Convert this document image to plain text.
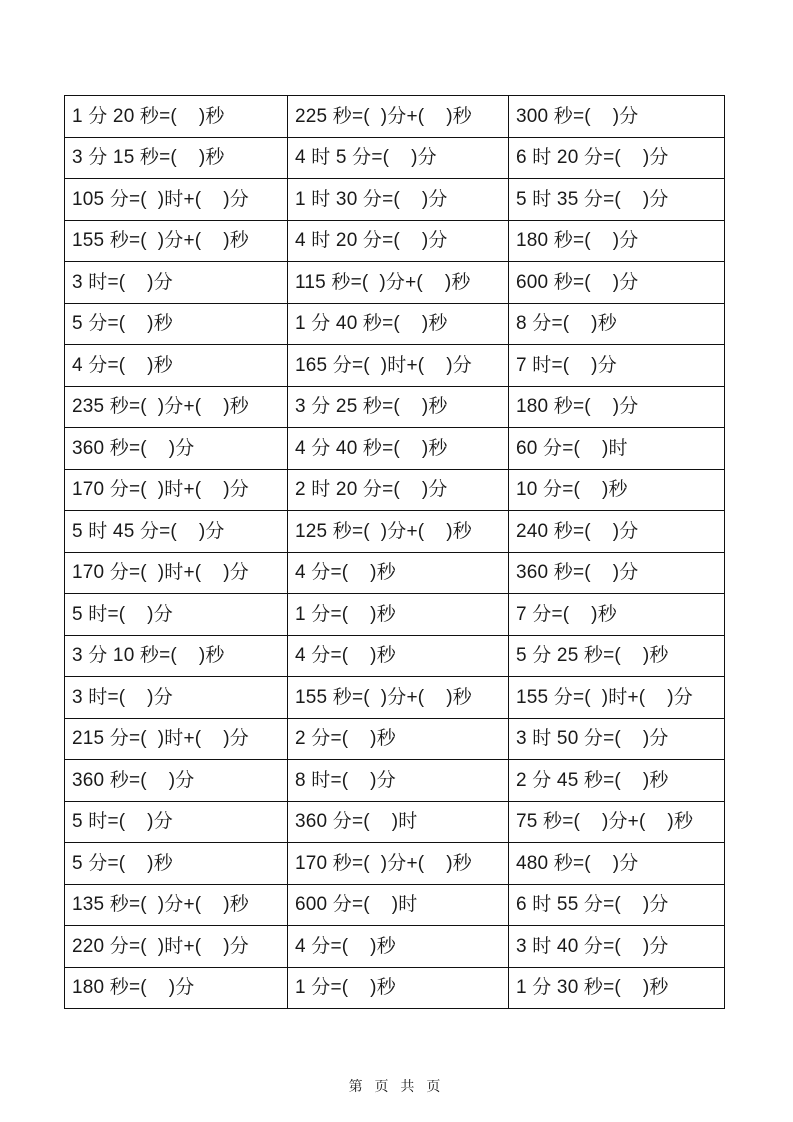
1 分 20 秒=(    )秒	225 秒=(  )分+(    )秒	300 秒=(    )分
3 分 15 秒=(    )秒	4 时 5 分=(    )分	6 时 20 分=(    )分
105 分=(  )时+(    )分	1 时 30 分=(    )分	5 时 35 分=(    )分
155 秒=(  )分+(    )秒	4 时 20 分=(    )分	180 秒=(    )分
3 时=(    )分	115 秒=(  )分+(    )秒	600 秒=(    )分
5 分=(    )秒	1 分 40 秒=(    )秒	8 分=(    )秒
4 分=(    )秒	165 分=(  )时+(    )分	7 时=(    )分
235 秒=(  )分+(    )秒	3 分 25 秒=(    )秒	180 秒=(    )分
360 秒=(    )分	4 分 40 秒=(    )秒	60 分=(    )时
170 分=(  )时+(    )分	2 时 20 分=(    )分	10 分=(    )秒
5 时 45 分=(    )分	125 秒=(  )分+(    )秒	240 秒=(    )分
170 分=(  )时+(    )分	4 分=(    )秒	360 秒=(    )分
5 时=(    )分	1 分=(    )秒	7 分=(    )秒
3 分 10 秒=(    )秒	4 分=(    )秒	5 分 25 秒=(    )秒
3 时=(    )分	155 秒=(  )分+(    )秒	155 分=(  )时+(    )分
215 分=(  )时+(    )分	2 分=(    )秒	3 时 50 分=(    )分
360 秒=(    )分	8 时=(    )分	2 分 45 秒=(    )秒
5 时=(    )分	360 分=(    )时	75 秒=(    )分+(    )秒
5 分=(    )秒	170 秒=(  )分+(    )秒	480 秒=(    )分
135 秒=(  )分+(    )秒	600 分=(    )时	6 时 55 分=(    )分
220 分=(  )时+(    )分	4 分=(    )秒	3 时 40 分=(    )分
180 秒=(    )分	1 分=(    )秒	1 分 30 秒=(    )秒
第 页 共 页
